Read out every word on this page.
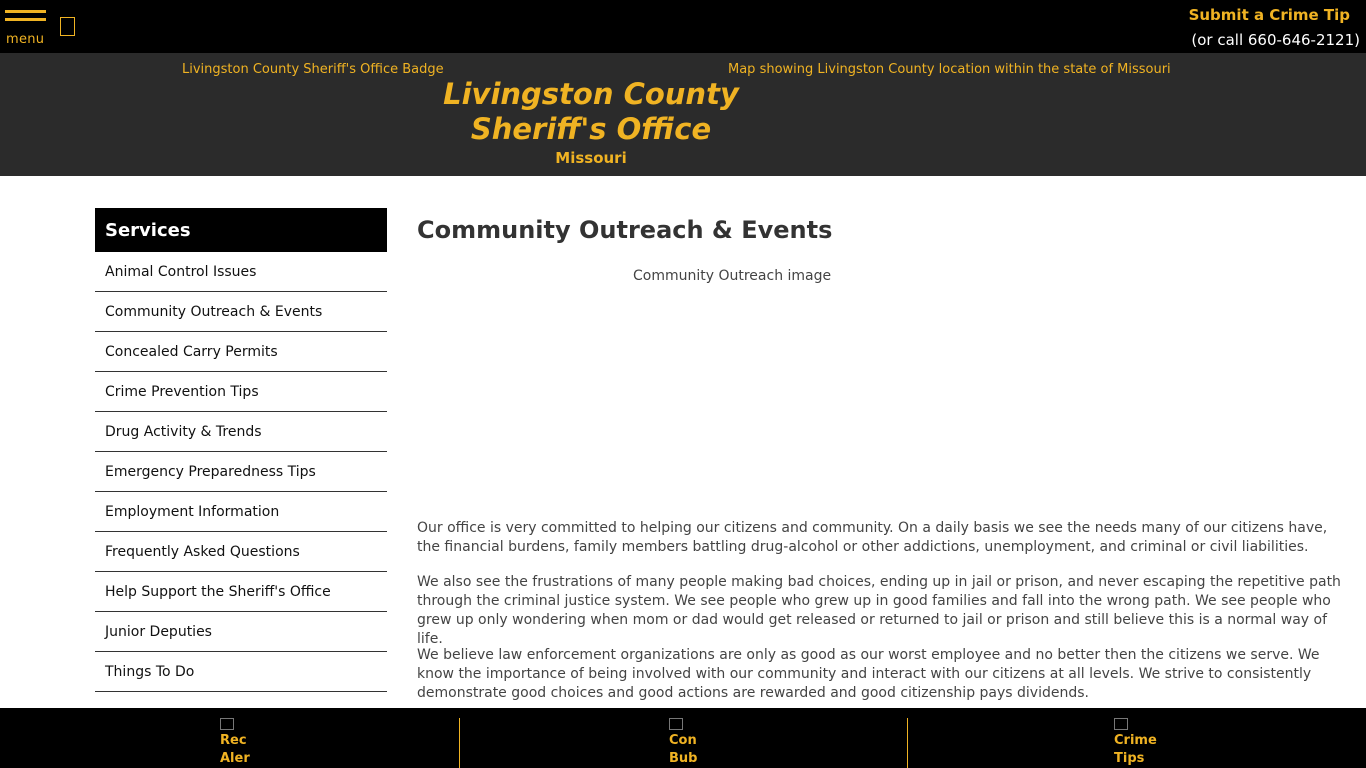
menu
Submit a Crime Tip
(or call 660-646-2121)
Livingston County Sheriff's Office Badge
Livingston County
Sheriff's Office
Missouri
Map showing Livingston County location within the state of Missouri
Services
Animal Control Issues
Community Outreach & Events
Concealed Carry Permits
Crime Prevention Tips
Drug Activity & Trends
Emergency Preparedness Tips
Employment Information
Frequently Asked Questions
Help Support the Sheriff's Office
Junior Deputies
Things To Do
Community Outreach & Events
Community Outreach image

Our office is very committed to helping our citizens and community. On a daily basis we see the needs many of our citizens have, the financial burdens, family members battling drug-alcohol or other addictions, unemployment, and criminal or civil liabilities.

We also see the frustrations of many people making bad choices, ending up in jail or prison, and never escaping the repetitive path through the criminal justice system. We see people who grew up in good families and fall into the wrong path. We see people who grew up only wondering when mom or dad would get released or returned to jail or prison and still believe this is a normal way of life.

We believe law enforcement organizations are only as good as our worst employee and no better then the citizens we serve. We know the importance of being involved with our community and interact with our citizens at all levels. We strive to consistently demonstrate good choices and good actions are rewarded and good citizenship pays dividends.

Rec Aler
Con Bub
Crime Tips
